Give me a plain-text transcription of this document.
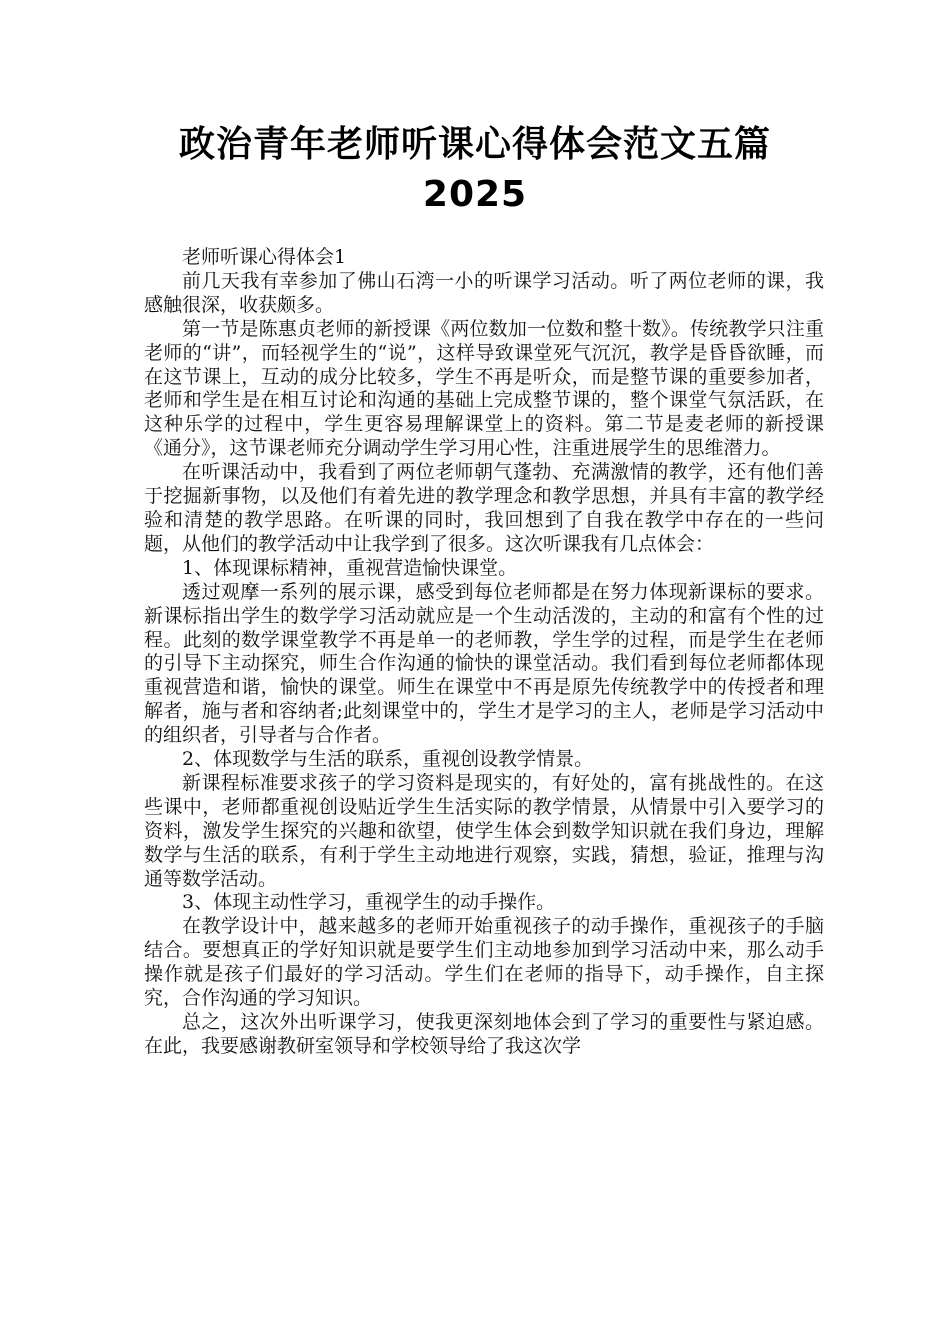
政治青年老师听课心得体会范文五篇
2025

老师听课心得体会1

前几天我有幸参加了佛山石湾一小的听课学习活动。听了两位老师的课，我感触很深，收获颇多。

第一节是陈惠贞老师的新授课《两位数加一位数和整十数》。传统教学只注重老师的“讲”，而轻视学生的“说”，这样导致课堂死气沉沉，教学是昏昏欲睡，而在这节课上，互动的成分比较多，学生不再是听众，而是整节课的重要参加者，老师和学生是在相互讨论和沟通的基础上完成整节课的，整个课堂气氛活跃，在这种乐学的过程中，学生更容易理解课堂上的资料。第二节是麦老师的新授课《通分》，这节课老师充分调动学生学习用心性，注重进展学生的思维潜力。

在听课活动中，我看到了两位老师朝气蓬勃、充满激情的教学，还有他们善于挖掘新事物，以及他们有着先进的教学理念和教学思想，并具有丰富的教学经验和清楚的教学思路。在听课的同时，我回想到了自我在教学中存在的一些问题，从他们的教学活动中让我学到了很多。这次听课我有几点体会：

1、体现课标精神，重视营造愉快课堂。

透过观摩一系列的展示课，感受到每位老师都是在努力体现新课标的要求。新课标指出学生的数学学习活动就应是一个生动活泼的，主动的和富有个性的过程。此刻的数学课堂教学不再是单一的老师教，学生学的过程，而是学生在老师的引导下主动探究，师生合作沟通的愉快的课堂活动。我们看到每位老师都体现重视营造和谐，愉快的课堂。师生在课堂中不再是原先传统教学中的传授者和理解者，施与者和容纳者;此刻课堂中的，学生才是学习的主人，老师是学习活动中的组织者，引导者与合作者。

2、体现数学与生活的联系，重视创设教学情景。

新课程标准要求孩子的学习资料是现实的，有好处的，富有挑战性的。在这些课中，老师都重视创设贴近学生生活实际的教学情景，从情景中引入要学习的资料，激发学生探究的兴趣和欲望，使学生体会到数学知识就在我们身边，理解数学与生活的联系，有利于学生主动地进行观察，实践，猜想，验证，推理与沟通等数学活动。

3、体现主动性学习，重视学生的动手操作。

在教学设计中，越来越多的老师开始重视孩子的动手操作，重视孩子的手脑结合。要想真正的学好知识就是要学生们主动地参加到学习活动中来，那么动手操作就是孩子们最好的学习活动。学生们在老师的指导下，动手操作，自主探究，合作沟通的学习知识。

总之，这次外出听课学习，使我更深刻地体会到了学习的重要性与紧迫感。在此，我要感谢教研室领导和学校领导给了我这次学
